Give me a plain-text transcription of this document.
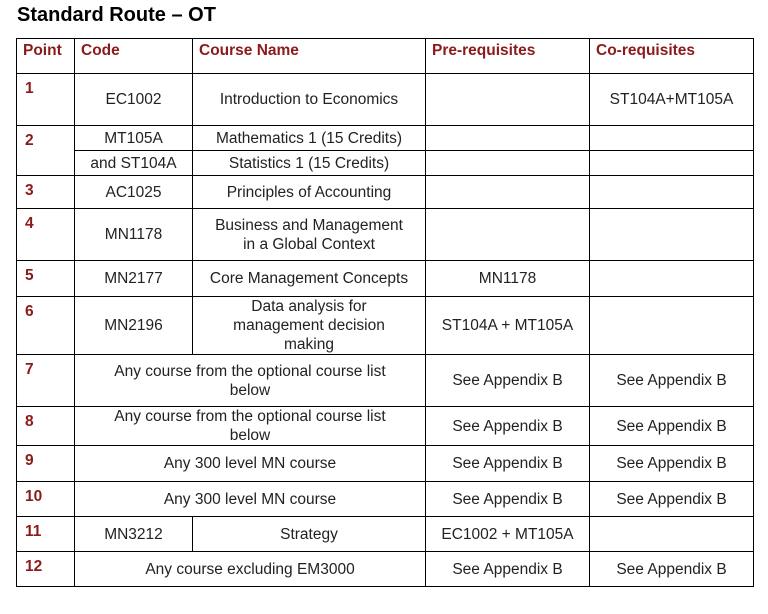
Standard Route – OT
Point	Code	Course Name	Pre-requisites	Co-requisites
1	EC1002	Introduction to Economics		ST104A+MT105A
2	MT105A	Mathematics 1 (15 Credits)		
	and ST104A	Statistics 1 (15 Credits)		
3	AC1025	Principles of Accounting		
4	MN1178	Business and Management
in a Global Context		
5	MN2177	Core Management Concepts	MN1178	
6	MN2196	Data analysis for
management decision
making	ST104A + MT105A	
7	Any course from the optional course list
below		See Appendix B	See Appendix B
8	Any course from the optional course list
below		See Appendix B	See Appendix B
9	Any 300 level MN course		See Appendix B	See Appendix B
10	Any 300 level MN course		See Appendix B	See Appendix B
11	MN3212	Strategy	EC1002 + MT105A	
12	Any course excluding EM3000		See Appendix B	See Appendix B
